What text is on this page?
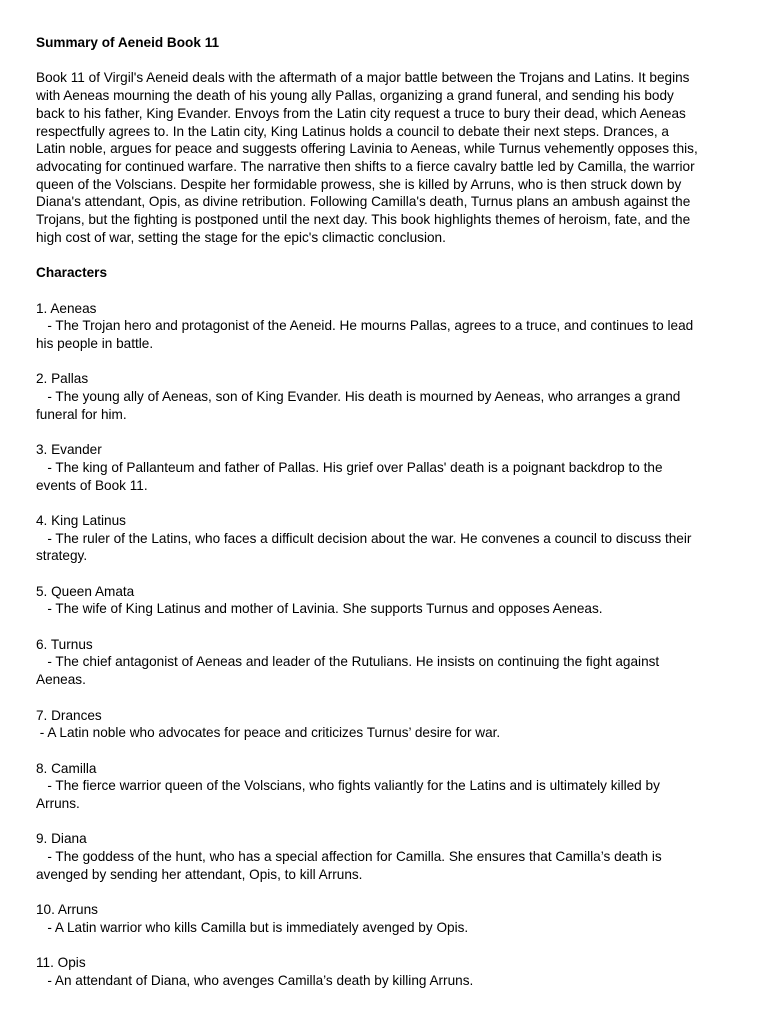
Summary of Aeneid Book 11

Book 11 of Virgil's Aeneid deals with the aftermath of a major battle between the Trojans and Latins. It begins
with Aeneas mourning the death of his young ally Pallas, organizing a grand funeral, and sending his body
back to his father, King Evander. Envoys from the Latin city request a truce to bury their dead, which Aeneas
respectfully agrees to. In the Latin city, King Latinus holds a council to debate their next steps. Drances, a
Latin noble, argues for peace and suggests offering Lavinia to Aeneas, while Turnus vehemently opposes this,
advocating for continued warfare. The narrative then shifts to a fierce cavalry battle led by Camilla, the warrior
queen of the Volscians. Despite her formidable prowess, she is killed by Arruns, who is then struck down by
Diana's attendant, Opis, as divine retribution. Following Camilla's death, Turnus plans an ambush against the
Trojans, but the fighting is postponed until the next day. This book highlights themes of heroism, fate, and the
high cost of war, setting the stage for the epic's climactic conclusion.

Characters

1. Aeneas
- The Trojan hero and protagonist of the Aeneid. He mourns Pallas, agrees to a truce, and continues to lead
his people in battle.
2. Pallas
- The young ally of Aeneas, son of King Evander. His death is mourned by Aeneas, who arranges a grand
funeral for him.
3. Evander
- The king of Pallanteum and father of Pallas. His grief over Pallas' death is a poignant backdrop to the
events of Book 11.
4. King Latinus
- The ruler of the Latins, who faces a difficult decision about the war. He convenes a council to discuss their
strategy.
5. Queen Amata
- The wife of King Latinus and mother of Lavinia. She supports Turnus and opposes Aeneas.
6. Turnus
- The chief antagonist of Aeneas and leader of the Rutulians. He insists on continuing the fight against
Aeneas.
7. Drances
- A Latin noble who advocates for peace and criticizes Turnus’ desire for war.
8. Camilla
- The fierce warrior queen of the Volscians, who fights valiantly for the Latins and is ultimately killed by
Arruns.
9. Diana
- The goddess of the hunt, who has a special affection for Camilla. She ensures that Camilla’s death is
avenged by sending her attendant, Opis, to kill Arruns.
10. Arruns
- A Latin warrior who kills Camilla but is immediately avenged by Opis.
11. Opis
- An attendant of Diana, who avenges Camilla’s death by killing Arruns.
